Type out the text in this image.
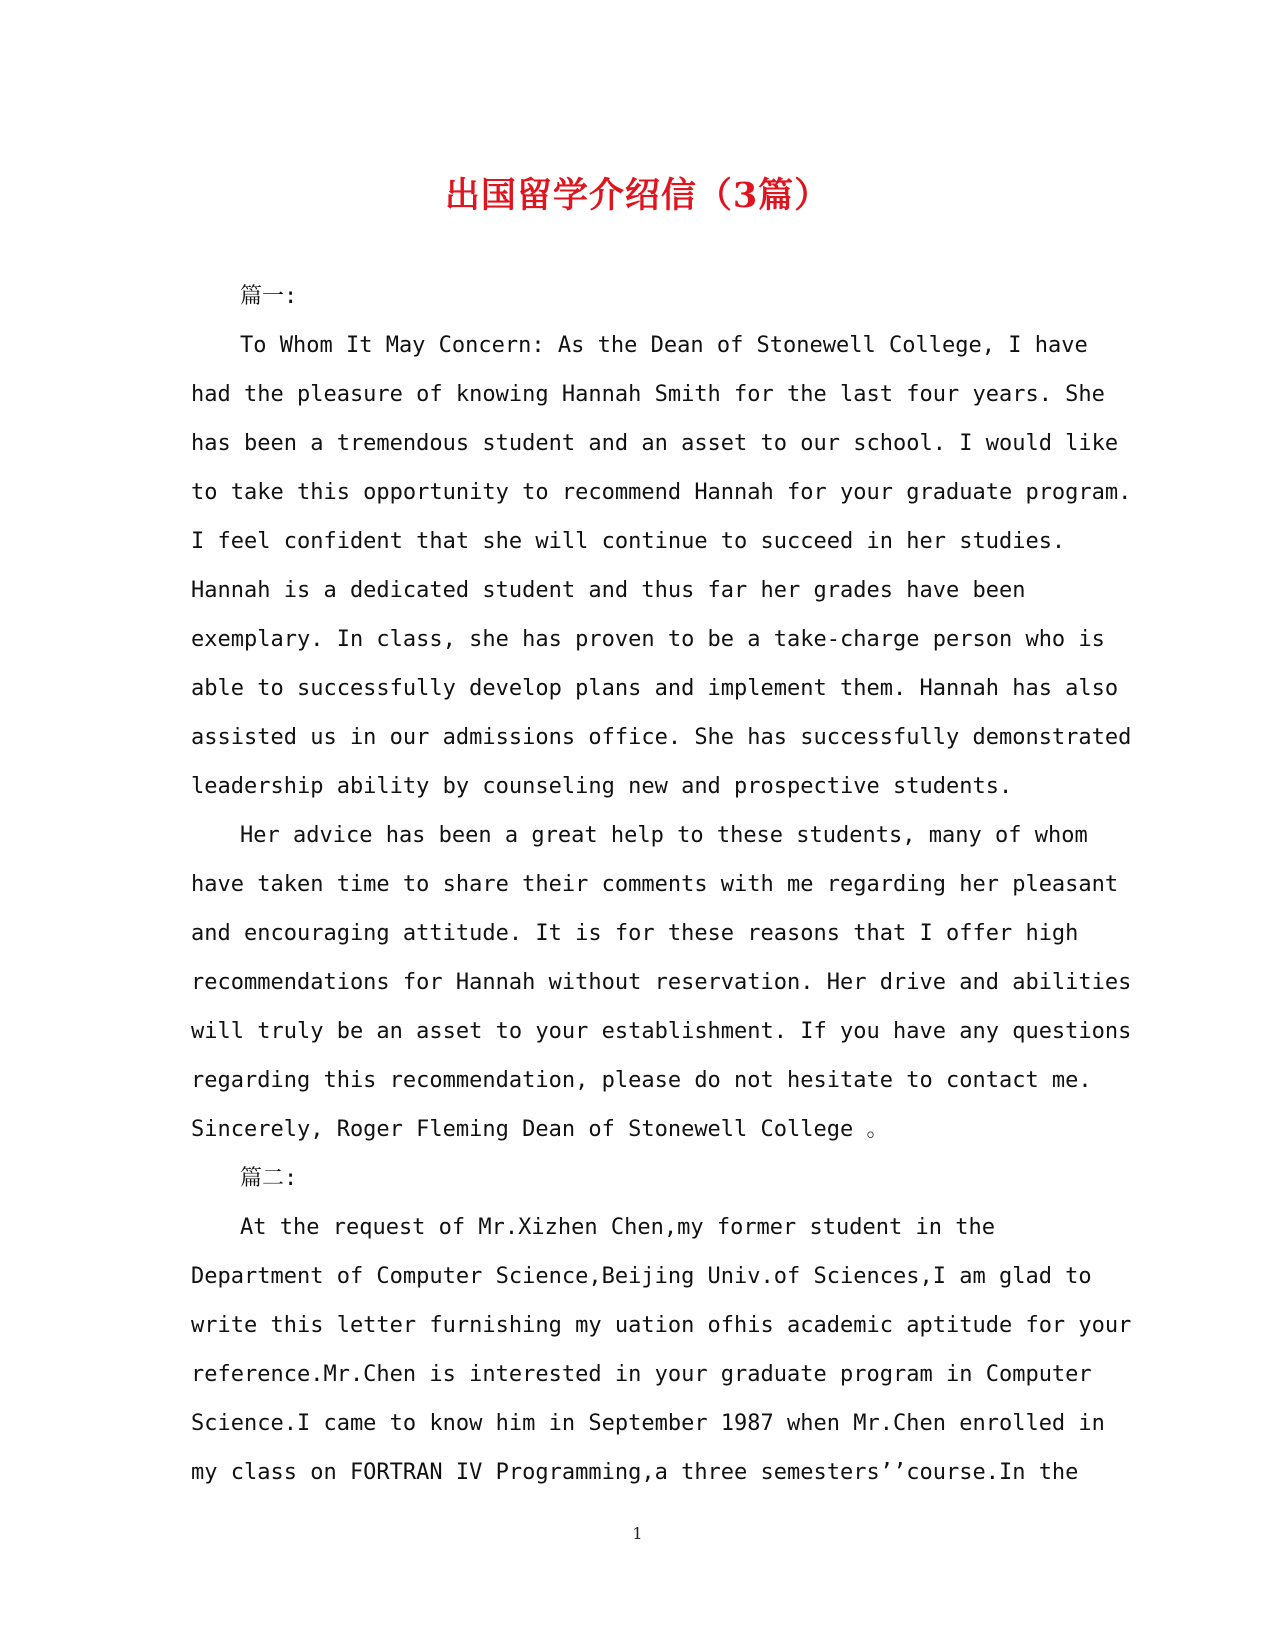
出国留学介绍信（3篇）

篇一:

To Whom It May Concern: As the Dean of Stonewell College, I have

had the pleasure of knowing Hannah Smith for the last four years. She

has been a tremendous student and an asset to our school. I would like

to take this opportunity to recommend Hannah for your graduate program.

I feel confident that she will continue to succeed in her studies.

Hannah is a dedicated student and thus far her grades have been

exemplary. In class, she has proven to be a take-charge person who is

able to successfully develop plans and implement them. Hannah has also

assisted us in our admissions office. She has successfully demonstrated

leadership ability by counseling new and prospective students.

Her advice has been a great help to these students, many of whom

have taken time to share their comments with me regarding her pleasant

and encouraging attitude. It is for these reasons that I offer high

recommendations for Hannah without reservation. Her drive and abilities

will truly be an asset to your establishment. If you have any questions

regarding this recommendation, please do not hesitate to contact me.

Sincerely, Roger Fleming Dean of Stonewell College 。

篇二:

At the request of Mr.Xizhen Chen,my former student in the

Department of Computer Science,Beijing Univ.of Sciences,I am glad to

write this letter furnishing my uation ofhis academic aptitude for your

reference.Mr.Chen is interested in your graduate program in Computer

Science.I came to know him in September 1987 when Mr.Chen enrolled in

my class on FORTRAN IV Programming,a three semesters’’course.In the

1
